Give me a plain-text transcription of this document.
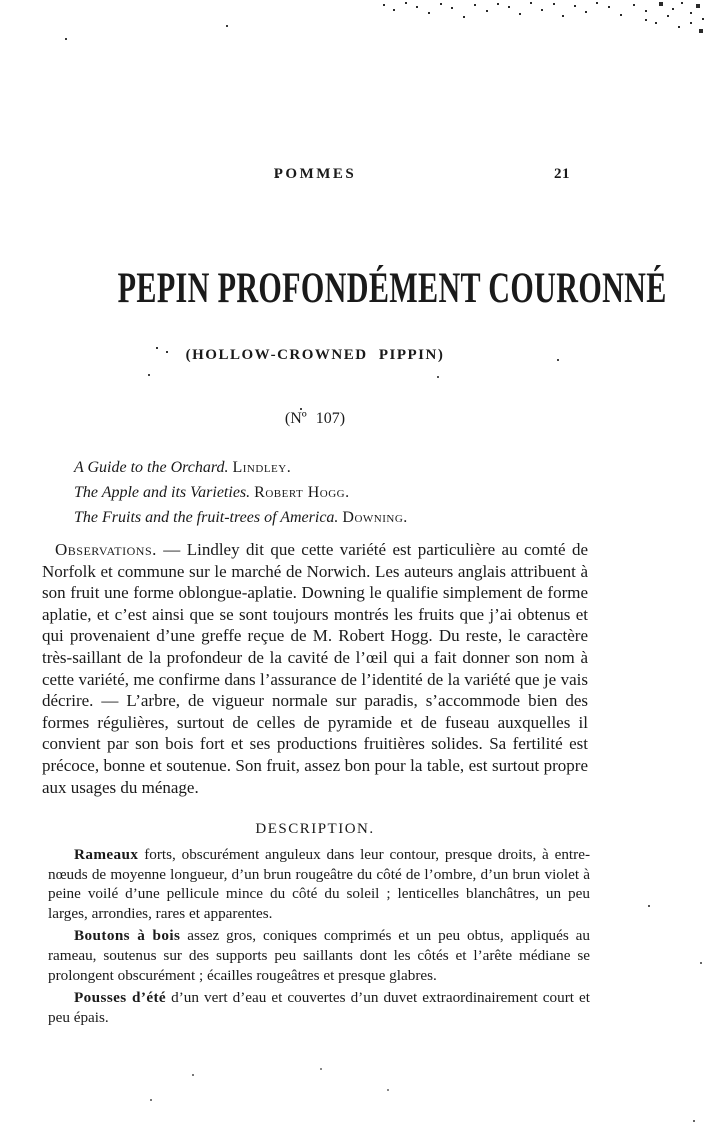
POMMES	21
PEPIN PROFONDÉMENT COURONNÉ
(HOLLOW-CROWNED PIPPIN)
(Nº 107)
A Guide to the Orchard. Lindley.
The Apple and its Varieties. Robert Hogg.
The Fruits and the fruit-trees of America. Downing.

Observations. — Lindley dit que cette variété est particulière au comté de Norfolk et commune sur le marché de Norwich. Les auteurs anglais attribuent à son fruit une forme oblongue-aplatie. Downing le qualifie simplement de forme aplatie, et c’est ainsi que se sont toujours montrés les fruits que j’ai obtenus et qui provenaient d’une greffe reçue de M. Robert Hogg. Du reste, le caractère très-saillant de la profondeur de la cavité de l’œil qui a fait donner son nom à cette variété, me confirme dans l’assurance de l’identité de la variété que je vais décrire. — L’arbre, de vigueur normale sur paradis, s’accommode bien des formes régulières, surtout de celles de pyramide et de fuseau auxquelles il convient par son bois fort et ses productions fruitières solides. Sa fertilité est précoce, bonne et soutenue. Son fruit, assez bon pour la table, est surtout propre aux usages du ménage.

DESCRIPTION.

Rameaux forts, obscurément anguleux dans leur contour, presque droits, à entre-nœuds de moyenne longueur, d’un brun rougeâtre du côté de l’ombre, d’un brun violet à peine voilé d’une pellicule mince du côté du soleil ; lenticelles blanchâtres, un peu larges, arrondies, rares et apparentes.

Boutons à bois assez gros, coniques comprimés et un peu obtus, appliqués au rameau, soutenus sur des supports peu saillants dont les côtés et l’arête médiane se prolongent obscurément ; écailles rougeâtres et presque glabres.

Pousses d’été d’un vert d’eau et couvertes d’un duvet extraordinairement court et peu épais.
